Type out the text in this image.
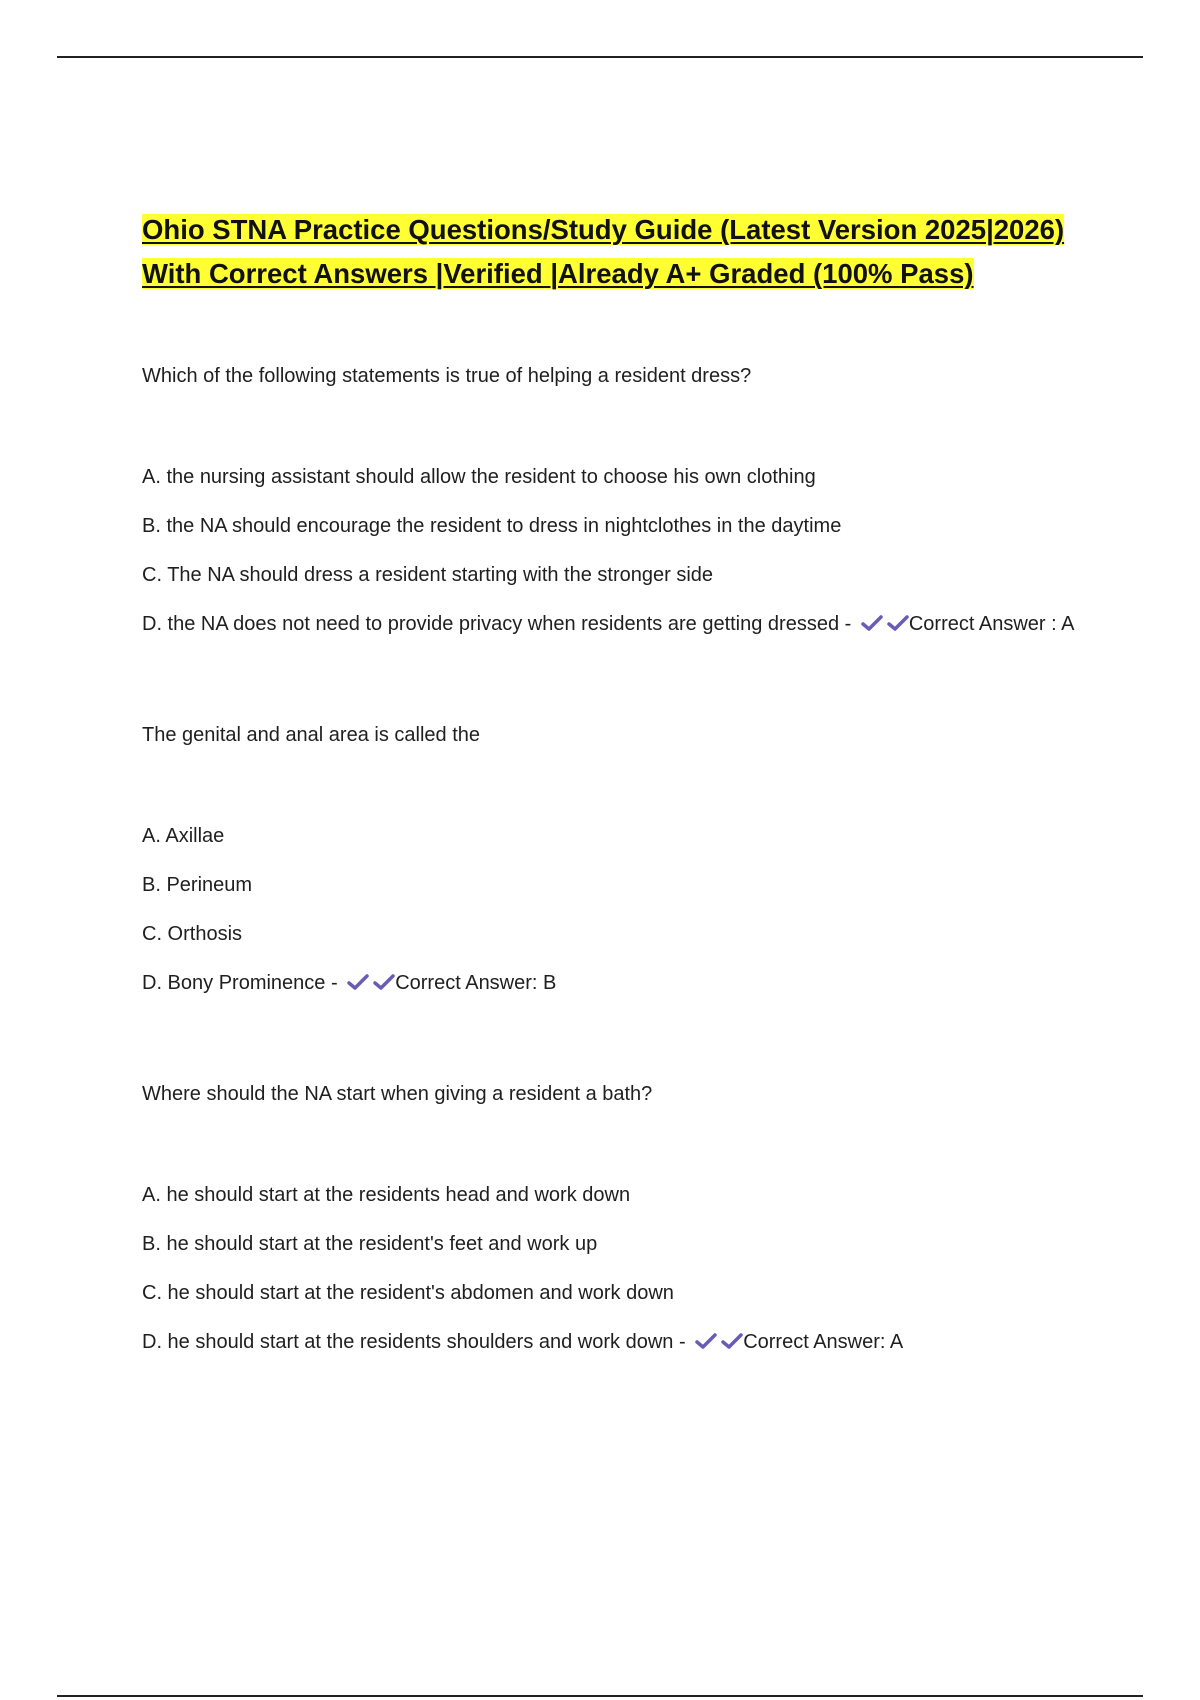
Ohio STNA Practice Questions/Study Guide (Latest Version 2025|2026) With Correct Answers |Verified |Already A+ Graded (100% Pass)

Which of the following statements is true of helping a resident dress?

A. the nursing assistant should allow the resident to choose his own clothing

B. the NA should encourage the resident to dress in nightclothes in the daytime

C. The NA should dress a resident starting with the stronger side

D. the NA does not need to provide privacy when residents are getting dressed -	Correct Answer : A

The genital and anal area is called the

A. Axillae

B. Perineum

C. Orthosis

D. Bony Prominence -	Correct Answer: B

Where should the NA start when giving a resident a bath?

A. he should start at the residents head and work down

B. he should start at the resident's feet and work up

C. he should start at the resident's abdomen and work down

D. he should start at the residents shoulders and work down -	Correct Answer: A
